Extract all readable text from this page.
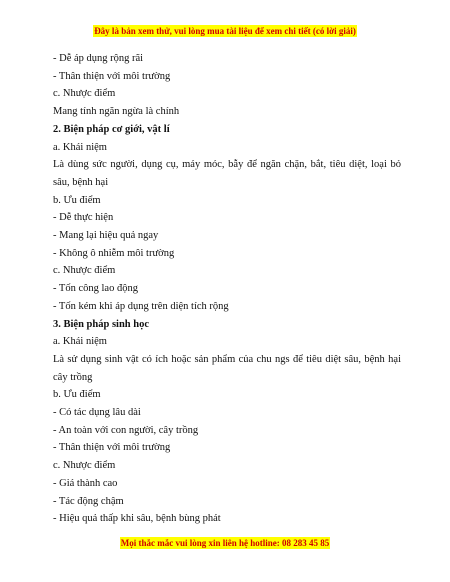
Đây là bản xem thử, vui lòng mua tài liệu để xem chi tiết (có lời giải)
- Dễ áp dụng rộng rãi
- Thân thiện với môi trường
c. Nhược điểm
Mang tính ngăn ngừa là chính
2. Biện pháp cơ giới, vật lí
a. Khái niệm
Là dùng sức người, dụng cụ, máy móc, bẫy để ngăn chặn, bắt, tiêu diệt, loại bỏ sâu, bệnh hại
b. Ưu điểm
- Dễ thực hiện
- Mang lại hiệu quả ngay
- Không ô nhiễm môi trường
c. Nhược điểm
- Tốn công lao động
- Tốn kém khi áp dụng trên diện tích rộng
3. Biện pháp sinh học
a. Khái niệm
Là sử dụng sinh vật có ích hoặc sản phẩm của chu ngs để tiêu diệt sâu, bệnh hại cây trồng
b. Ưu điểm
- Có tác dụng lâu dài
- An toàn với con người, cây trồng
- Thân thiện với môi trường
c. Nhược điểm
- Giá thành cao
- Tác động chậm
- Hiệu quả thấp khi sâu, bệnh bùng phát
Mọi thắc mắc vui lòng xin liên hệ hotline: 08 283 45 85
